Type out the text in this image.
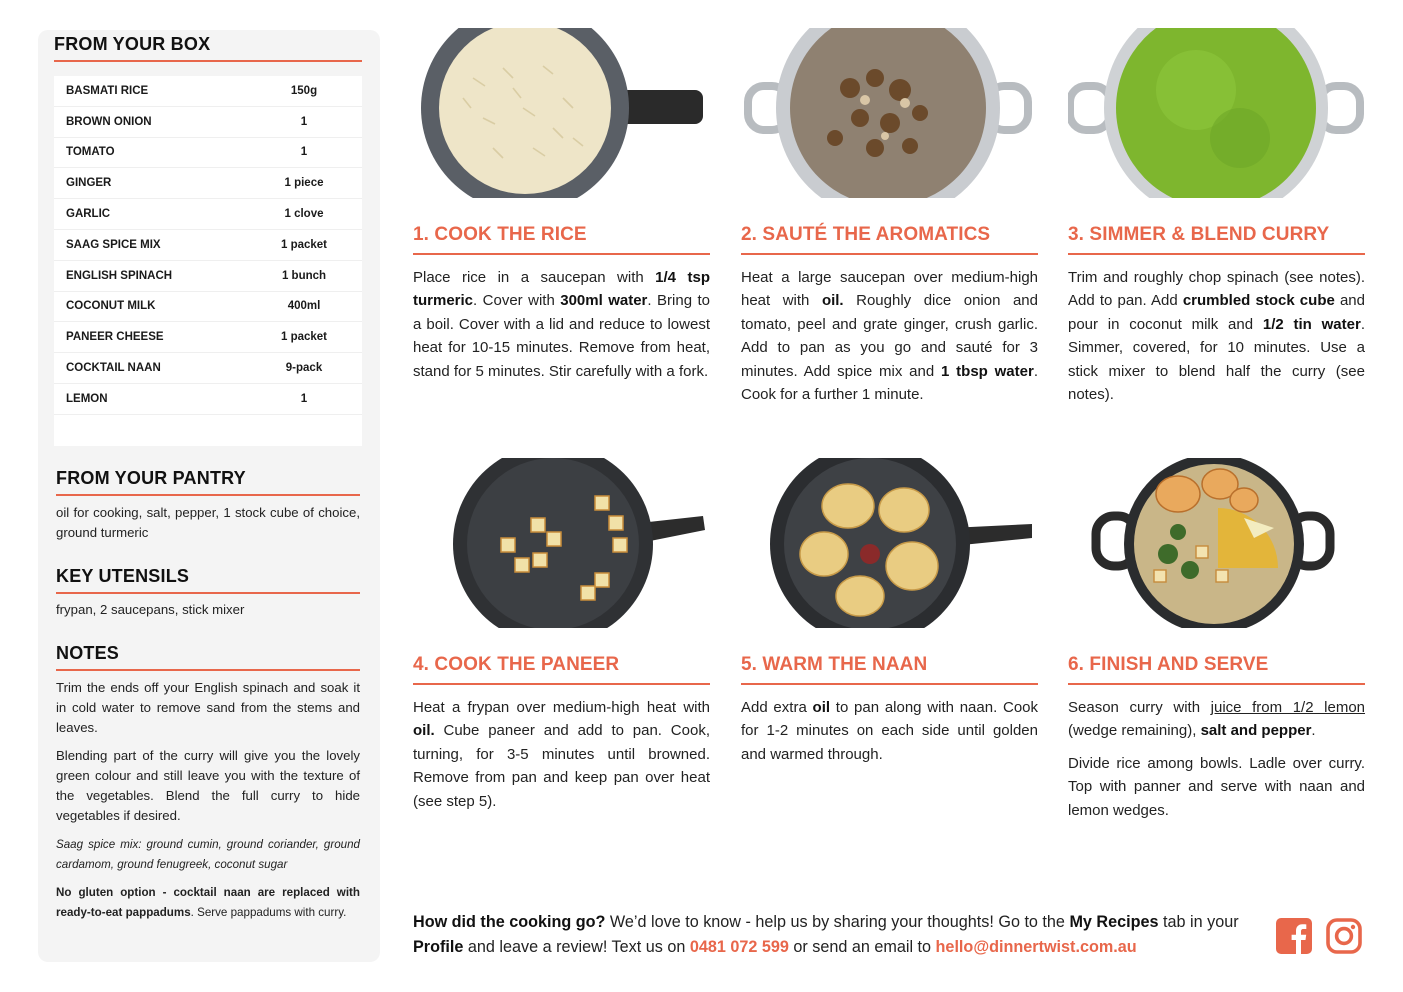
FROM YOUR BOX
BASMATI RICE	150g
BROWN ONION	1
TOMATO	1
GINGER	1 piece
GARLIC	1 clove
SAAG SPICE MIX	1 packet
ENGLISH SPINACH	1 bunch
COCONUT MILK	400ml
PANEER CHEESE	1 packet
COCKTAIL NAAN	9-pack
LEMON	1
FROM YOUR PANTRY
oil for cooking, salt, pepper, 1 stock cube of choice, ground turmeric
KEY UTENSILS
frypan, 2 saucepans, stick mixer
NOTES

Trim the ends off your English spinach and soak it in cold water to remove sand from the stems and leaves.

Blending part of the curry will give you the lovely green colour and still leave you with the texture of the vegetables. Blend the full curry to hide vegetables if desired.

Saag spice mix: ground cumin, ground coriander, ground cardamom, ground fenugreek, coconut sugar
No gluten option - cocktail naan are replaced with ready-to-eat pappadums. Serve pappadums with curry.
1. COOK THE RICE

Place rice in a saucepan with 1/4 tsp turmeric. Cover with 300ml water. Bring to a boil. Cover with a lid and reduce to lowest heat for 10-15 minutes. Remove from heat, stand for 5 minutes. Stir carefully with a fork.

2. SAUTÉ THE AROMATICS

Heat a large saucepan over medium-high heat with oil. Roughly dice onion and tomato, peel and grate ginger, crush garlic. Add to pan as you go and sauté for 3 minutes. Add spice mix and 1 tbsp water. Cook for a further 1 minute.

3. SIMMER & BLEND CURRY

Trim and roughly chop spinach (see notes). Add to pan. Add crumbled stock cube and pour in coconut milk and 1/2 tin water. Simmer, covered, for 10 minutes. Use a stick mixer to blend half the curry (see notes).

4. COOK THE PANEER

Heat a frypan over medium-high heat with oil. Cube paneer and add to pan. Cook, turning, for 3-5 minutes until browned. Remove from pan and keep pan over heat (see step 5).

5. WARM THE NAAN

Add extra oil to pan along with naan. Cook for 1-2 minutes on each side until golden and warmed through.

6. FINISH AND SERVE

Season curry with juice from 1/2 lemon (wedge remaining), salt and pepper.

Divide rice among bowls. Ladle over curry. Top with panner and serve with naan and lemon wedges.

How did the cooking go? We’d love to know - help us by sharing your thoughts! Go to the My Recipes tab in your Profile and leave a review! Text us on 0481 072 599 or send an email to hello@dinnertwist.com.au
